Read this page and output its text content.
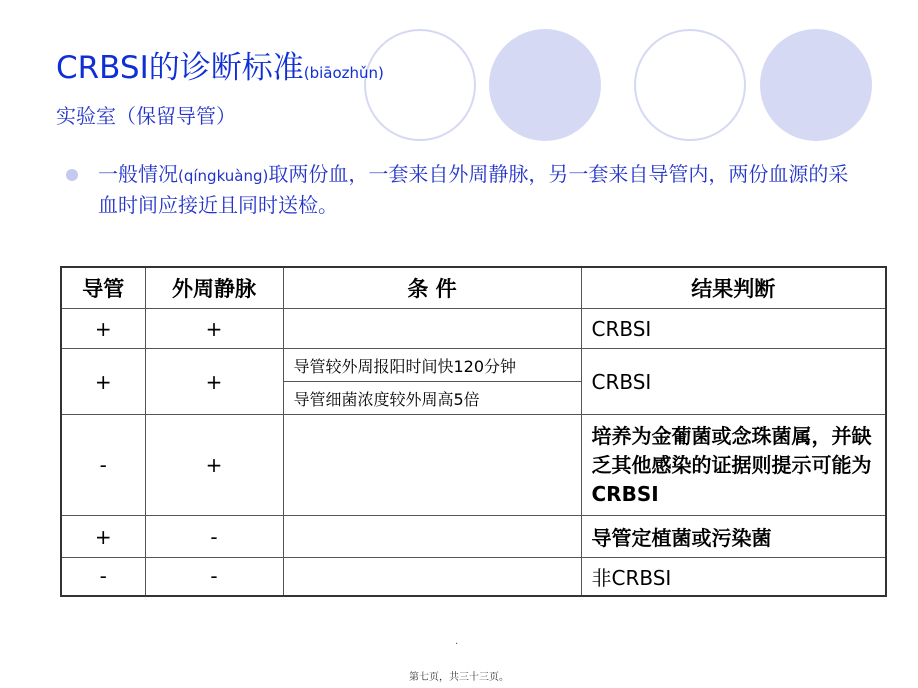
CRBSI的诊断标准(biāozhǔn)
实验室（保留导管）
一般情况(qíngkuàng)取两份血，一套来自外周静脉，另一套来自导管内，两份血源的采血时间应接近且同时送检。
导管	外周静脉	条 件	结果判断
+	+		CRBSI
+	+	导管较外周报阳时间快120分钟	CRBSI
		导管细菌浓度较外周高5倍	
-	+		培养为金葡菌或念珠菌属，并缺乏其他感染的证据则提示可能为CRBSI
+	-		导管定植菌或污染菌
-	-		非CRBSI
.
第七页，共三十三页。
